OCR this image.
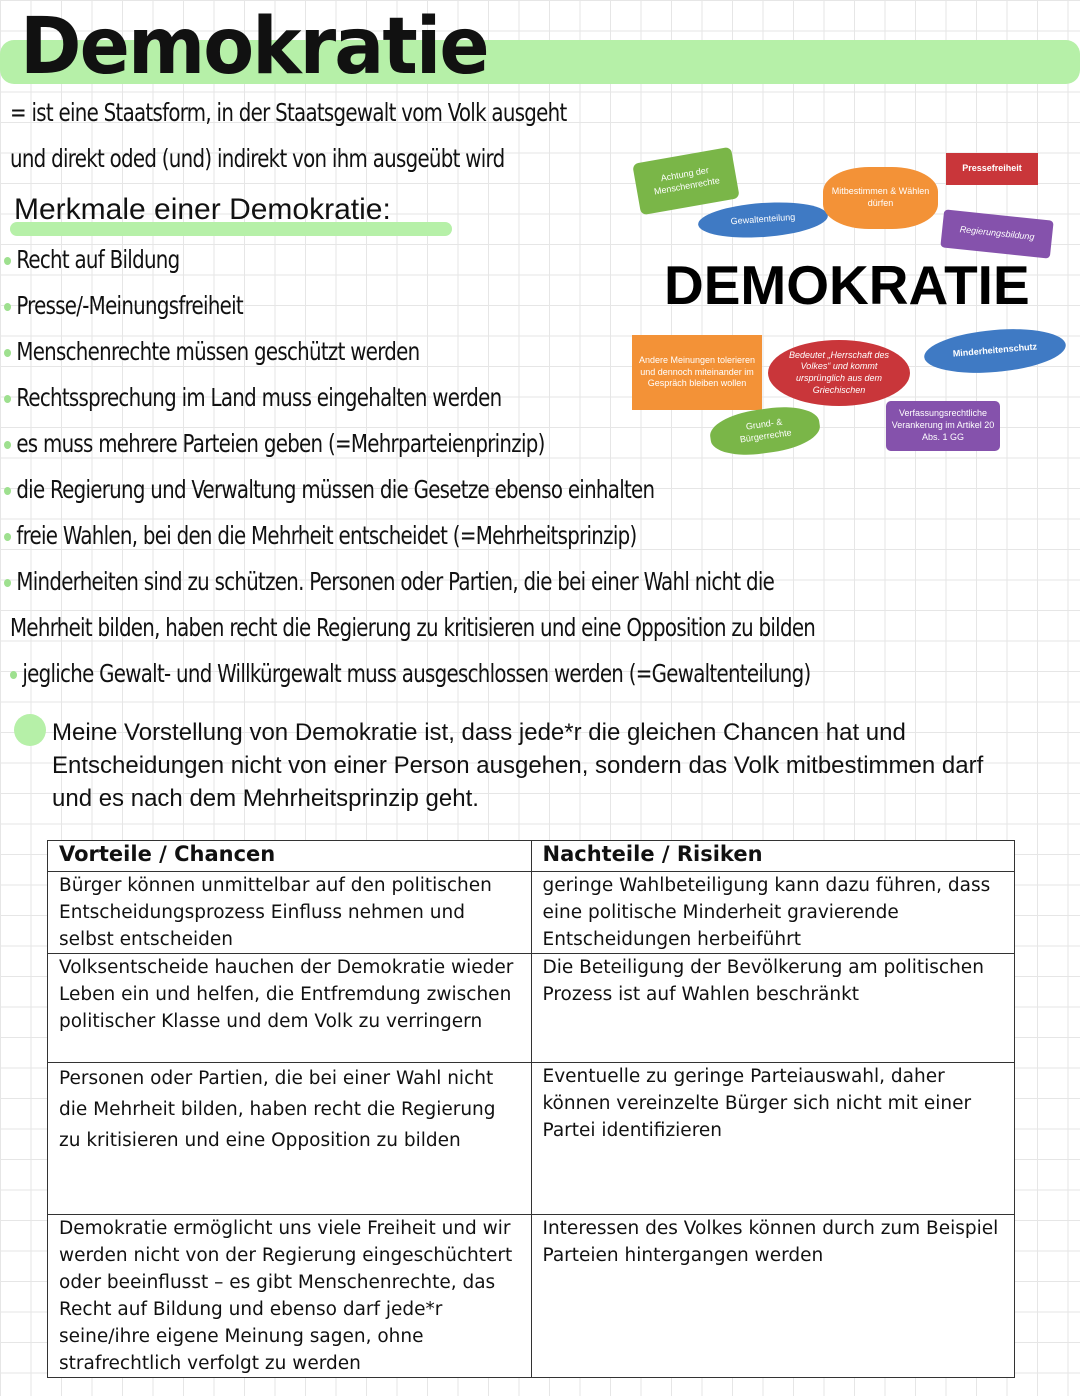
Demokratie
= ist eine Staatsform, in der Staatsgewalt vom Volk ausgeht
und direkt oded (und) indirekt von ihm ausgeübt wird
Merkmale einer Demokratie:
Recht auf Bildung
Presse/-Meinungsfreiheit
Menschenrechte müssen geschützt werden
Rechtssprechung im Land muss eingehalten werden
es muss mehrere Parteien geben (=Mehrparteienprinzip)
die Regierung und Verwaltung müssen die Gesetze ebenso einhalten
freie Wahlen, bei den die Mehrheit entscheidet (=Mehrheitsprinzip)
Minderheiten sind zu schützen. Personen oder Partien, die bei einer Wahl nicht die
Mehrheit bilden, haben recht die Regierung zu kritisieren und eine Opposition zu bilden
jegliche Gewalt- und Willkürgewalt muss ausgeschlossen werden (=Gewaltenteilung)
Achtung der Menschenrechte
Gewaltenteilung
Mitbestimmen & Wählen dürfen
Pressefreiheit
Regierungsbildung
DEMOKRATIE
Andere Meinungen tolerieren und dennoch miteinander im Gespräch bleiben wollen
Bedeutet „Herrschaft des Volkes“ und kommt ursprünglich aus dem Griechischen
Minderheitenschutz
Grund- & Bürgerrechte
Verfassungsrechtliche Verankerung im Artikel 20 Abs. 1 GG
Meine Vorstellung von Demokratie ist, dass jede*r die gleichen Chancen hat und Entscheidungen nicht von einer Person ausgehen, sondern das Volk mitbestimmen darf und es nach dem Mehrheitsprinzip geht.
Vorteile / Chancen	Nachteile / Risiken
Bürger können unmittelbar auf den politischen Entscheidungsprozess Einfluss nehmen und selbst entscheiden	geringe Wahlbeteiligung kann dazu führen, dass eine politische Minderheit gravierende Entscheidungen herbeiführt
Volksentscheide hauchen der Demokratie wieder Leben ein und helfen, die Entfremdung zwischen politischer Klasse und dem Volk zu verringern	Die Beteiligung der Bevölkerung am politischen Prozess ist auf Wahlen beschränkt
Personen oder Partien, die bei einer Wahl nicht die Mehrheit bilden, haben recht die Regierung zu kritisieren und eine Opposition zu bilden	Eventuelle zu geringe Parteiauswahl, daher können vereinzelte Bürger sich nicht mit einer Partei identifizieren
Demokratie ermöglicht uns viele Freiheit und wir werden nicht von der Regierung eingeschüchtert oder beeinflusst – es gibt Menschenrechte, das Recht auf Bildung und ebenso darf jede*r seine/ihre eigene Meinung sagen, ohne strafrechtlich verfolgt zu werden	Interessen des Volkes können durch zum Beispiel Parteien hintergangen werden
